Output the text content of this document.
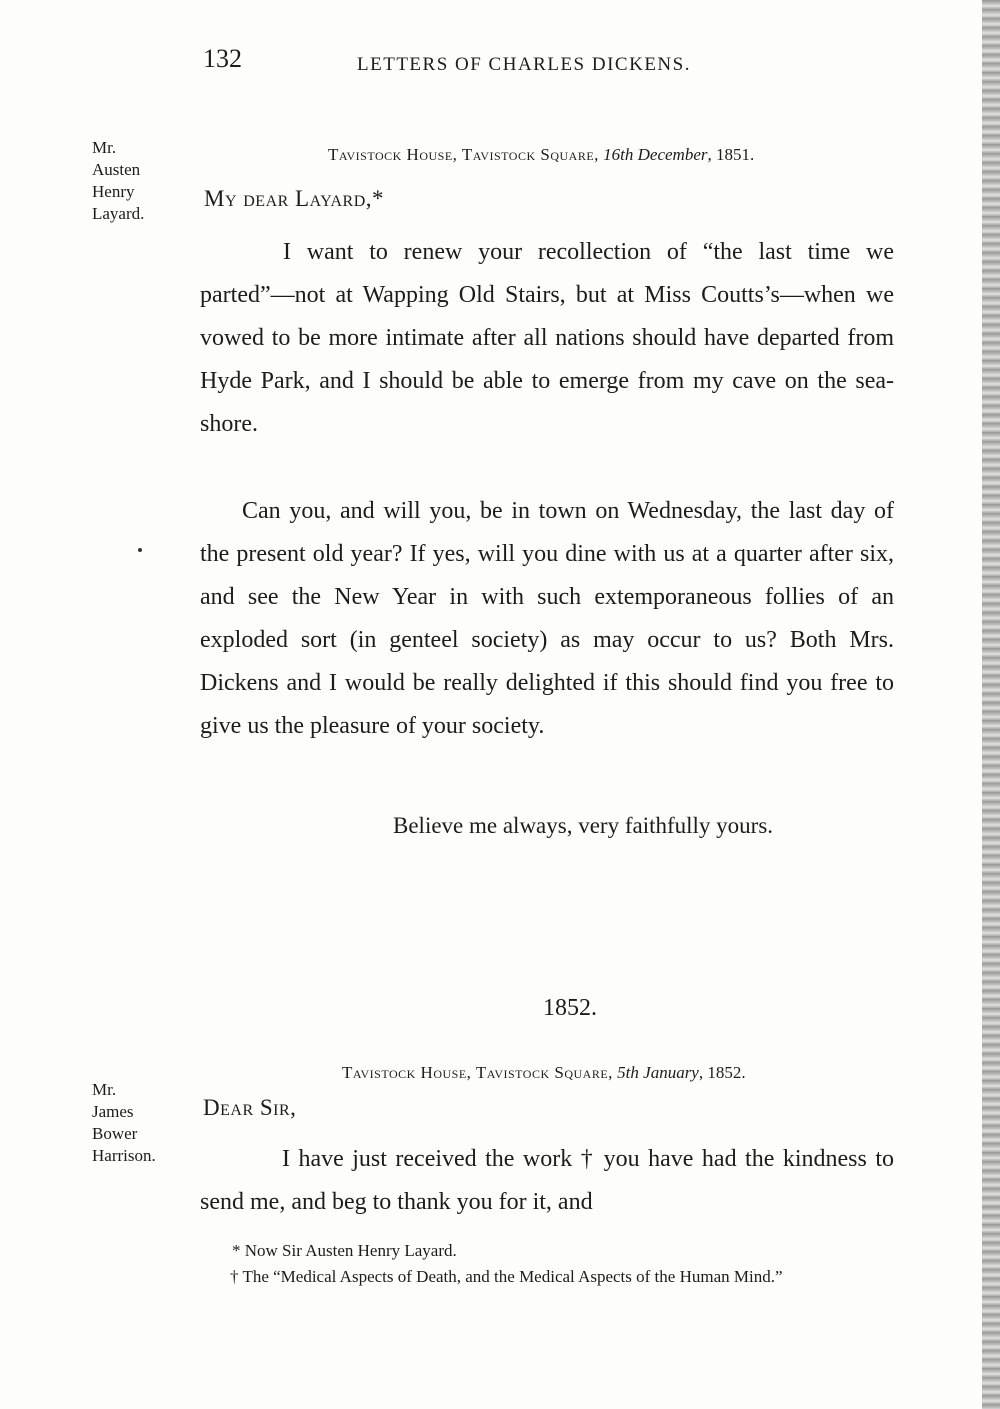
132	LETTERS OF CHARLES DICKENS.
Mr.
Austen
Henry
Layard.
Tavistock House, Tavistock Square, 16th December, 1851.
My dear Layard,*

I want to renew your recollection of “the last time we parted”—not at Wapping Old Stairs, but at Miss Coutts’s—when we vowed to be more intimate after all nations should have departed from Hyde Park, and I should be able to emerge from my cave on the sea-shore.

Can you, and will you, be in town on Wednesday, the last day of the present old year? If yes, will you dine with us at a quarter after six, and see the New Year in with such extemporaneous follies of an exploded sort (in genteel society) as may occur to us? Both Mrs. Dickens and I would be really delighted if this should find you free to give us the pleasure of your society.

Believe me always, very faithfully yours.

1852.

Mr.
James
Bower
Harrison.
Tavistock House, Tavistock Square, 5th January, 1852.
Dear Sir,

I have just received the work † you have had the kindness to send me, and beg to thank you for it, and

* Now Sir Austen Henry Layard.

† The “Medical Aspects of Death, and the Medical Aspects of the Human Mind.”
